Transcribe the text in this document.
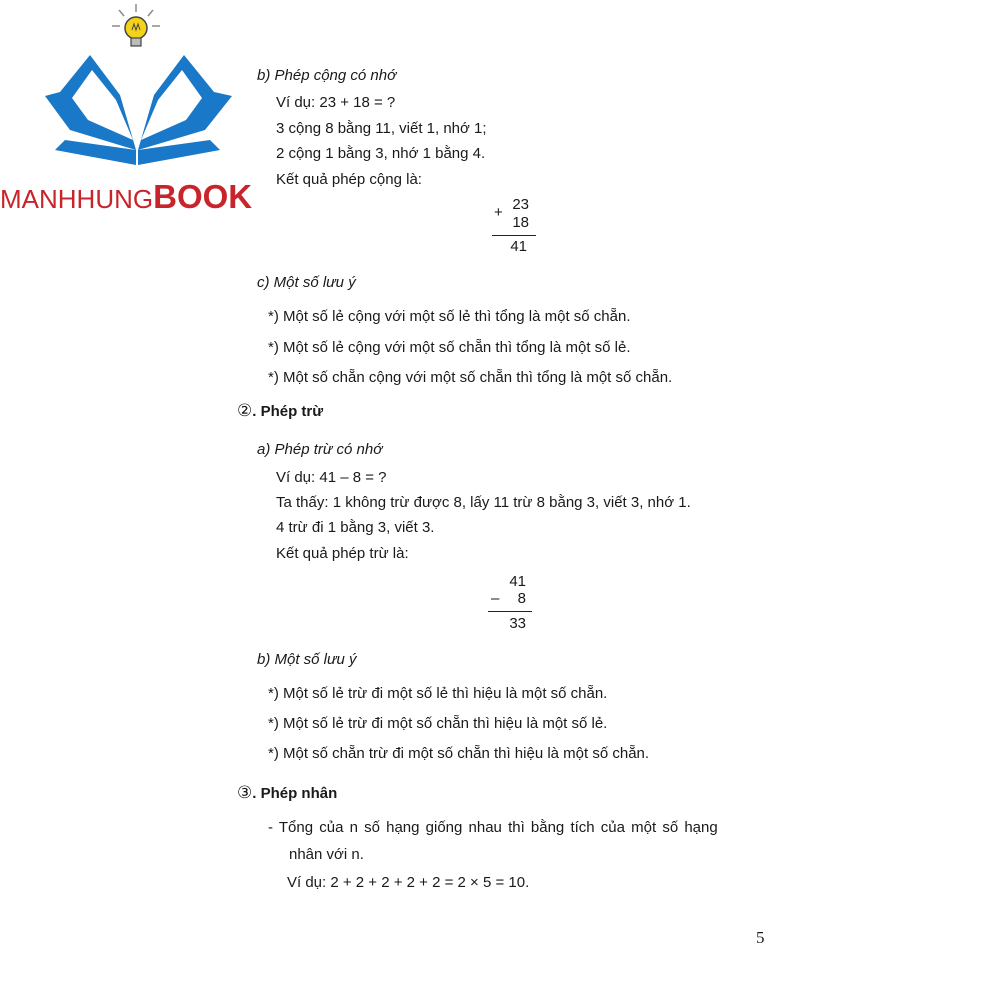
MANHHUNGBOOK
b) Phép cộng có nhớ
Ví dụ: 23 + 18 = ?
3 cộng 8 bằng 11, viết 1, nhớ 1;
2 cộng 1 bằng 3, nhớ 1 bằng 4.
Kết quả phép cộng là:
+ 23
18
41
c) Một số lưu ý
*) Một số lẻ cộng với một số lẻ thì tổng là một số chẵn.
*) Một số lẻ cộng với một số chẵn thì tổng là một số lẻ.
*) Một số chẵn cộng với một số chẵn thì tổng là một số chẵn.
②. Phép trừ
a) Phép trừ có nhớ
Ví dụ: 41 – 8 = ?
Ta thấy: 1 không trừ được 8, lấy 11 trừ 8 bằng 3, viết 3, nhớ 1.
4 trừ đi 1 bằng 3, viết 3.
Kết quả phép trừ là:
41
–	8
33
b) Một số lưu ý
*) Một số lẻ trừ đi một số lẻ thì hiệu là một số chẵn.
*) Một số lẻ trừ đi một số chẵn thì hiệu là một số lẻ.
*) Một số chẵn trừ đi một số chẵn thì hiệu là một số chẵn.
③. Phép nhân
- Tổng của n số hạng giống nhau thì bằng tích của một số hạng
nhân với n.
Ví dụ: 2 + 2 + 2 + 2 + 2 = 2 × 5 = 10.
5
